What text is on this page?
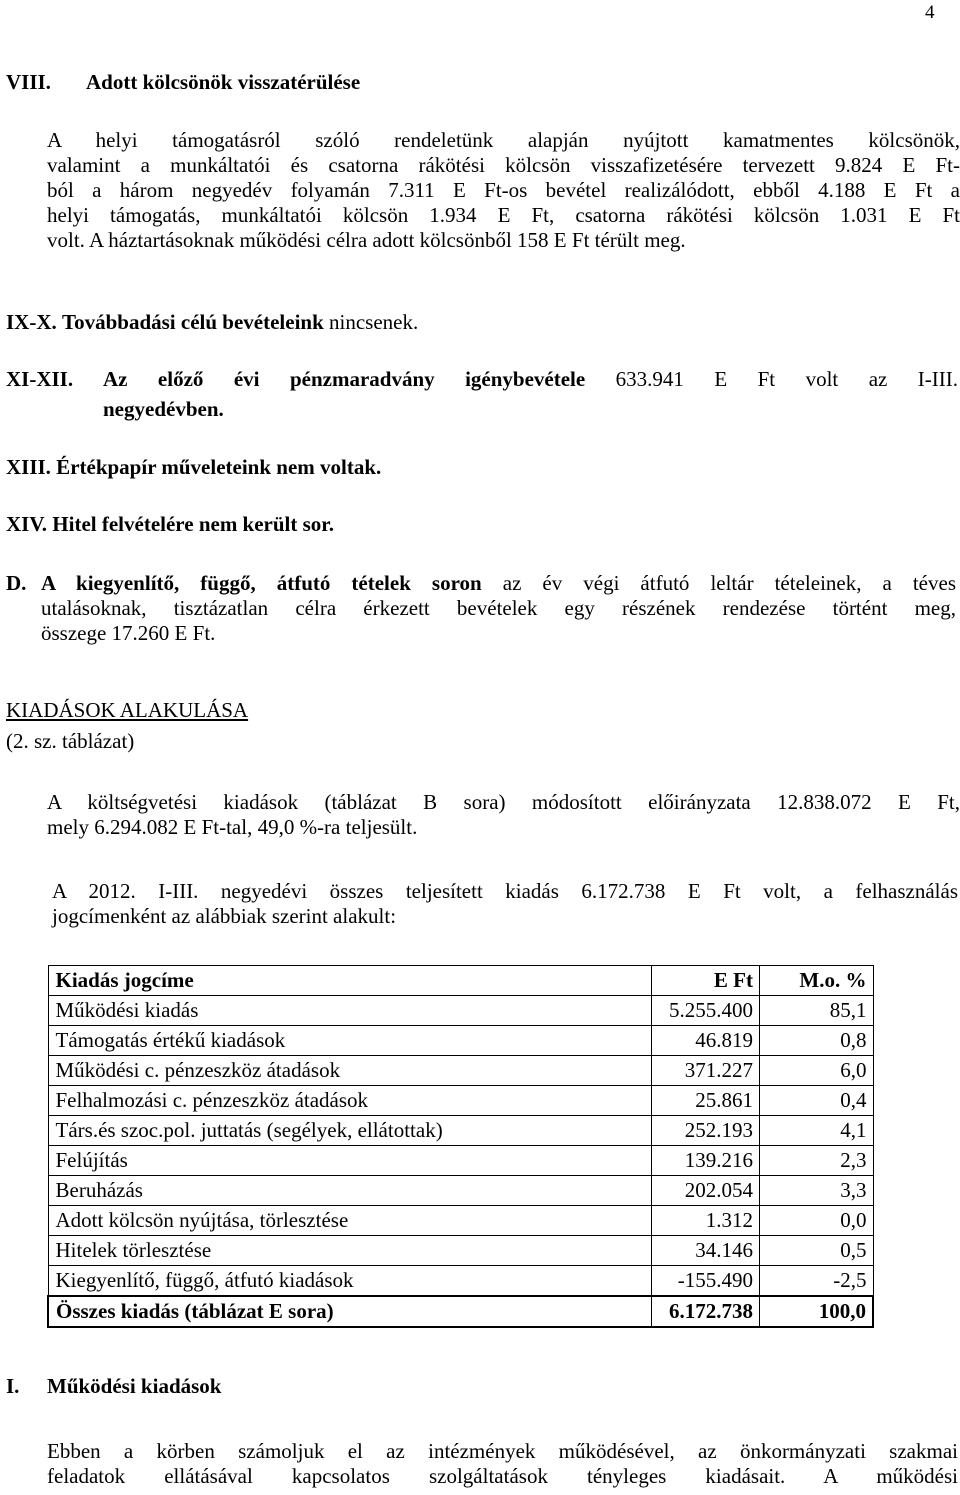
4
VIII. Adott kölcsönök visszatérülése
A helyi támogatásról szóló rendeletünk alapján nyújtott kamatmentes kölcsönök,
valamint a munkáltatói és csatorna rákötési kölcsön visszafizetésére tervezett 9.824 E Ft-
ból a három negyedév folyamán 7.311 E Ft-os bevétel realizálódott, ebből 4.188 E Ft a
helyi támogatás, munkáltatói kölcsön 1.934 E Ft, csatorna rákötési kölcsön 1.031 E Ft
volt. A háztartásoknak működési célra adott kölcsönből 158 E Ft térült meg.
IX-X. Továbbadási célú bevételeink nincsenek.
XI-XII. Az előző évi pénzmaradvány igénybevétele 633.941 E Ft volt az I-III.
negyedévben.
XIII. Értékpapír műveleteink nem voltak.
XIV. Hitel felvételére nem került sor.
D. A kiegyenlítő, függő, átfutó tételek soron az év végi átfutó leltár tételeinek, a téves
utalásoknak, tisztázatlan célra érkezett bevételek egy részének rendezése történt meg,
összege 17.260 E Ft.
KIADÁSOK ALAKULÁSA
(2. sz. táblázat)
A költségvetési kiadások (táblázat B sora) módosított előirányzata 12.838.072 E Ft,
mely 6.294.082 E Ft-tal, 49,0 %-ra teljesült.
A 2012. I-III. negyedévi összes teljesített kiadás 6.172.738 E Ft volt, a felhasználás
jogcímenként az alábbiak szerint alakult:
Kiadás jogcíme	E Ft	M.o. %
Működési kiadás	5.255.400	85,1
Támogatás értékű kiadások	46.819	0,8
Működési c. pénzeszköz átadások	371.227	6,0
Felhalmozási c. pénzeszköz átadások	25.861	0,4
Társ.és szoc.pol. juttatás (segélyek, ellátottak)	252.193	4,1
Felújítás	139.216	2,3
Beruházás	202.054	3,3
Adott kölcsön nyújtása, törlesztése	1.312	0,0
Hitelek törlesztése	34.146	0,5
Kiegyenlítő, függő, átfutó kiadások	-155.490	-2,5
Összes kiadás (táblázat E sora)	6.172.738	100,0
I. Működési kiadások
Ebben a körben számoljuk el az intézmények működésével, az önkormányzati szakmai
feladatok ellátásával kapcsolatos szolgáltatások tényleges kiadásait. A működési
